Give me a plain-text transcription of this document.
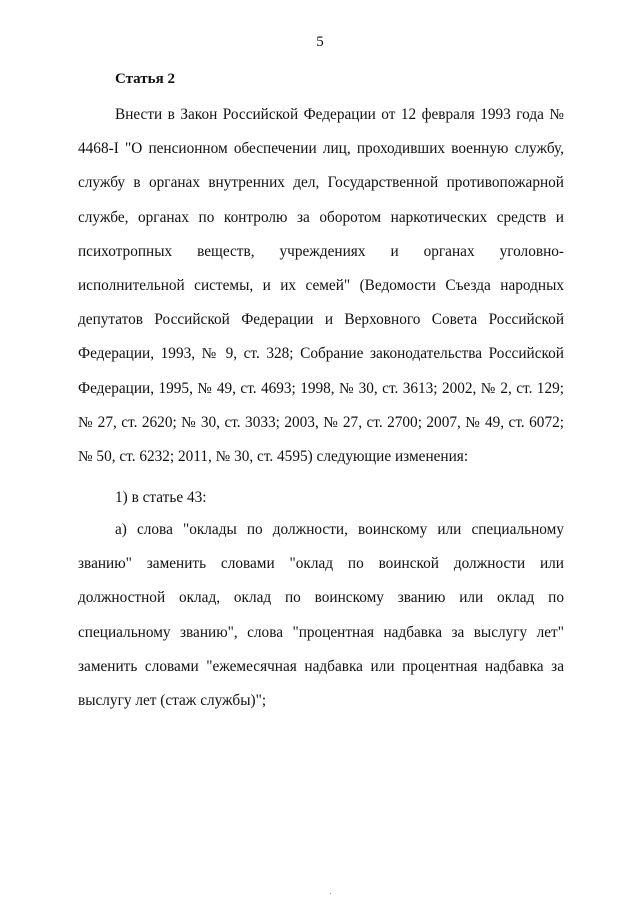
5
Статья 2

Внести в Закон Российской Федерации от 12 февраля 1993 года № 4468-I "О пенсионном обеспечении лиц, проходивших военную службу, службу в органах внутренних дел, Государственной противопожарной службе, органах по контролю за оборотом наркотических средств и психотропных веществ, учреждениях и органах уголовно-исполнительной системы, и их семей" (Ведомости Съезда народных депутатов Российской Федерации и Верховного Совета Российской Федерации, 1993, № 9, ст. 328; Собрание законодательства Российской Федерации, 1995, № 49, ст. 4693; 1998, № 30, ст. 3613; 2002, № 2, ст. 129; № 27, ст. 2620; № 30, ст. 3033; 2003, № 27, ст. 2700; 2007, № 49, ст. 6072; № 50, ст. 6232; 2011, № 30, ст. 4595) следующие изменения:

1) в статье 43:

а) слова "оклады по должности, воинскому или специальному званию" заменить словами "оклад по воинской должности или должностной оклад, оклад по воинскому званию или оклад по специальному званию", слова "процентная надбавка за выслугу лет" заменить словами "ежемесячная надбавка или процентная надбавка за выслугу лет (стаж службы)";
